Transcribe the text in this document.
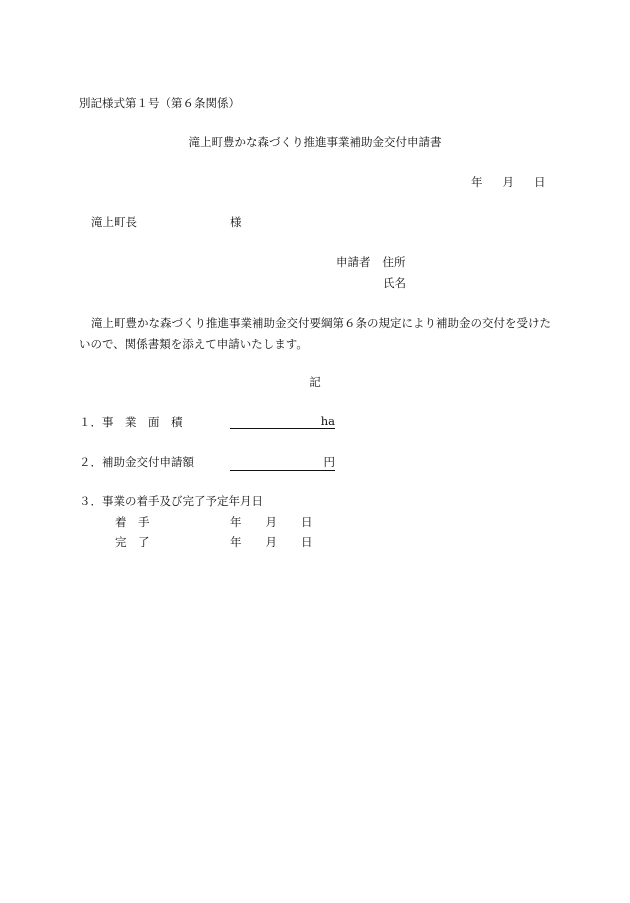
別記様式第１号（第６条関係）
滝上町豊かな森づくり推進事業補助金交付申請書
年 月 日
滝上町長	様
申請者 住所
氏名
滝上町豊かな森づくり推進事業補助金交付要綱第６条の規定により補助金の交付を受けたいので、関係書類を添えて申請いたします。
記
１．事　業　面　積	ha
２．補助金交付申請額	円
３．事業の着手及び完了予定年月日
着　手	年 月 日
完　了	年 月 日
